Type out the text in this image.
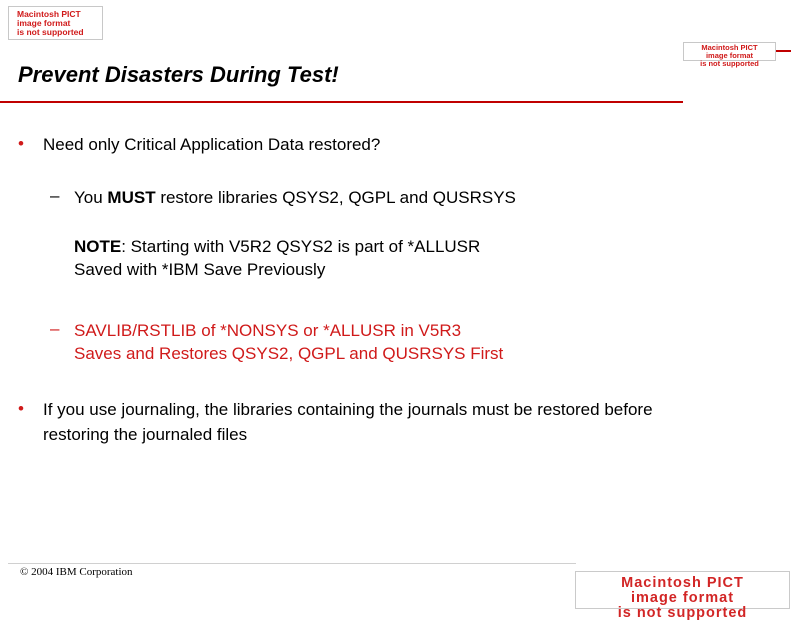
Macintosh PICT
image format
is not supported
Macintosh PICT
image format
is not supported
Macintosh PICT
image format
is not supported
Prevent Disasters During Test!
• Need only Critical Application Data restored?
– You MUST restore libraries QSYS2, QGPL and QUSRSYS
NOTE: Starting with V5R2 QSYS2 is part of *ALLUSR
Saved with *IBM Save Previously
– SAVLIB/RSTLIB of *NONSYS or *ALLUSR in V5R3
Saves and Restores QSYS2, QGPL and QUSRSYS First
• If you use journaling, the libraries containing the journals must be restored before
restoring the journaled files
© 2004 IBM Corporation
